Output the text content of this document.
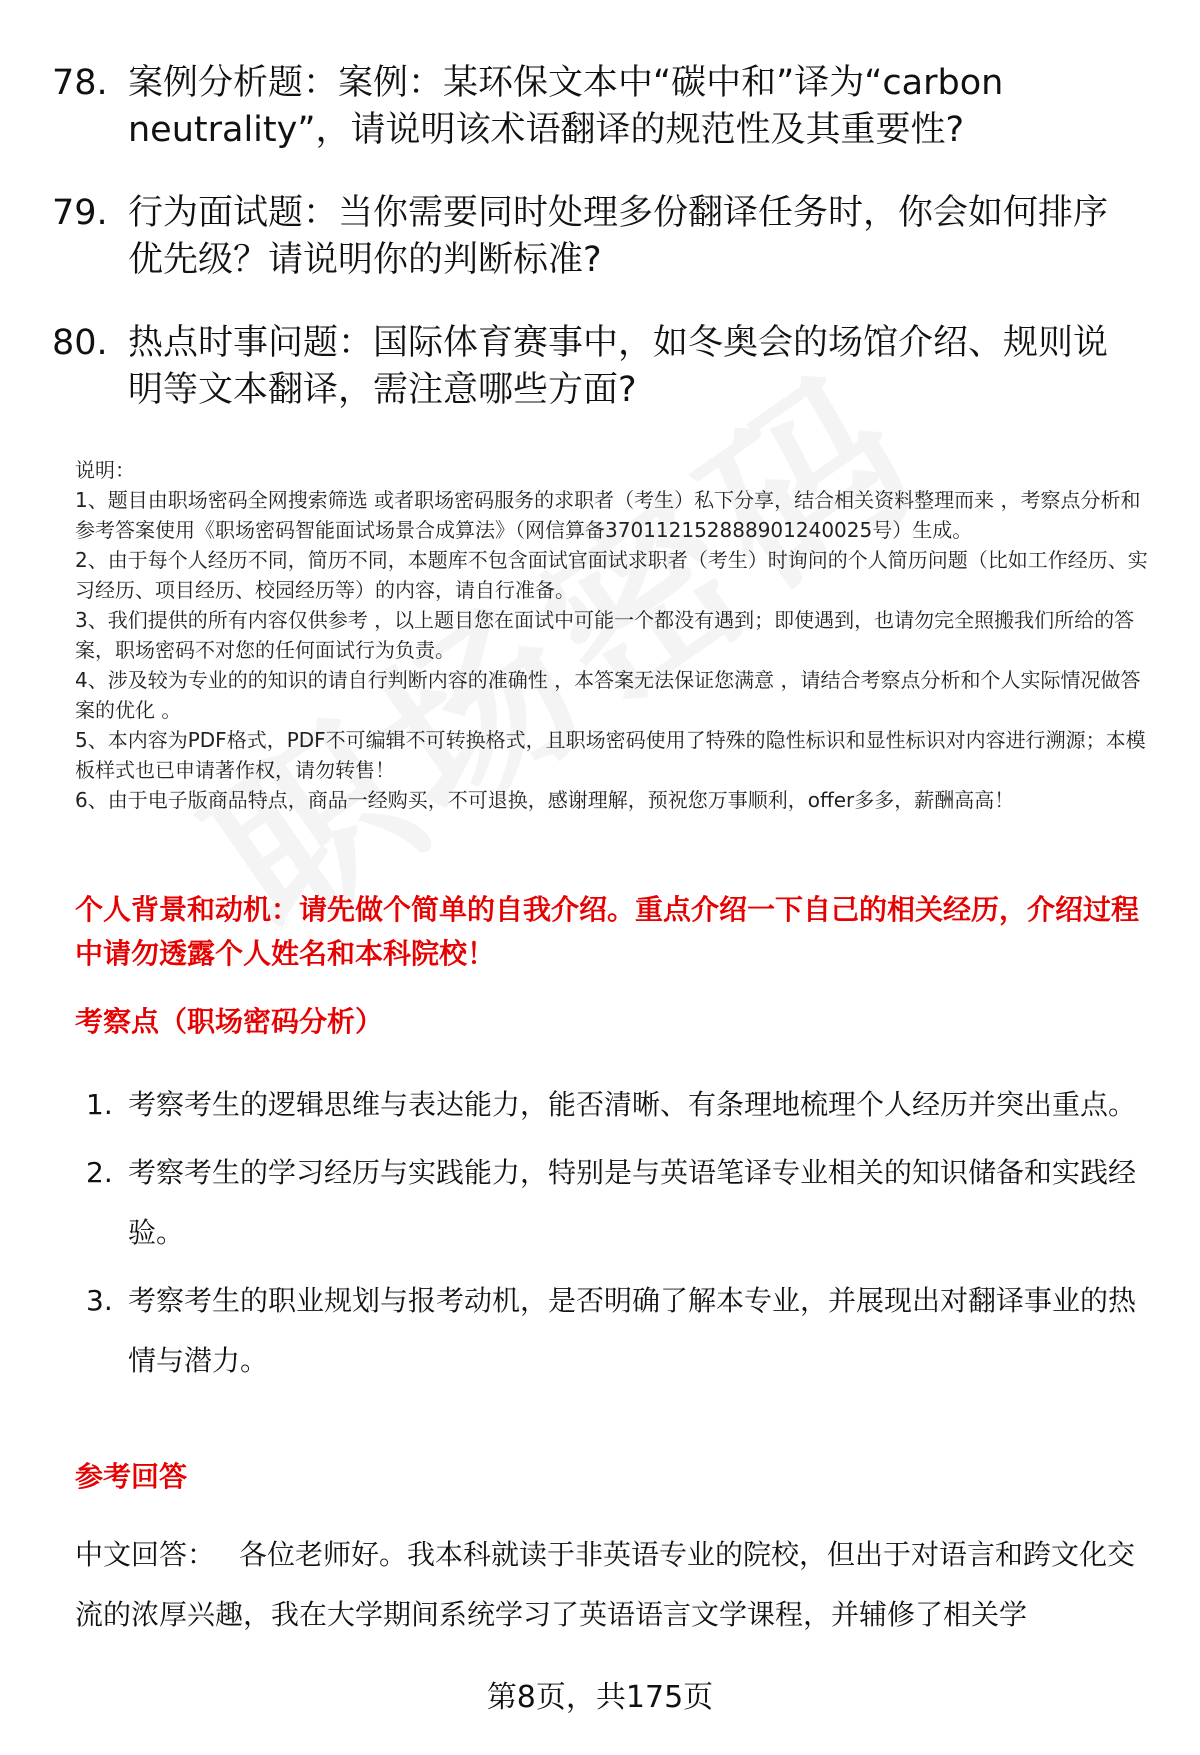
78. 案例分析题：案例：某环保文本中“碳中和”译为“carbon neutrality”，请说明该术语翻译的规范性及其重要性?
79. 行为面试题：当你需要同时处理多份翻译任务时，你会如何排序优先级？请说明你的判断标准?
80. 热点时事问题：国际体育赛事中，如冬奥会的场馆介绍、规则说明等文本翻译，需注意哪些方面?

说明：

1、题目由职场密码全网搜索筛选 或者职场密码服务的求职者（考生）私下分享，结合相关资料整理而来 ，考察点分析和参考答案使用《职场密码智能面试场景合成算法》（网信算备370112152888901240025号）生成。

2、由于每个人经历不同，简历不同，本题库不包含面试官面试求职者（考生）时询问的个人简历问题（比如工作经历、实习经历、项目经历、校园经历等）的内容，请自行准备。

3、我们提供的所有内容仅供参考 ，以上题目您在面试中可能一个都没有遇到；即使遇到，也请勿完全照搬我们所给的答案，职场密码不对您的任何面试行为负责。

4、涉及较为专业的的知识的请自行判断内容的准确性 ，本答案无法保证您满意 ，请结合考察点分析和个人实际情况做答案的优化 。

5、本内容为PDF格式，PDF不可编辑不可转换格式，且职场密码使用了特殊的隐性标识和显性标识对内容进行溯源；本模板样式也已申请著作权，请勿转售！

6、由于电子版商品特点，商品一经购买，不可退换，感谢理解，预祝您万事顺利，offer多多，薪酬高高！

个人背景和动机：请先做个简单的自我介绍。重点介绍一下自己的相关经历，介绍过程中请勿透露个人姓名和本科院校！
考察点（职场密码分析）
1. 考察考生的逻辑思维与表达能力，能否清晰、有条理地梳理个人经历并突出重点。
2. 考察考生的学习经历与实践能力，特别是与英语笔译专业相关的知识储备和实践经验。
3. 考察考生的职业规划与报考动机，是否明确了解本专业，并展现出对翻译事业的热情与潜力。
参考回答
中文回答： 各位老师好。我本科就读于非英语专业的院校，但出于对语言和跨文化交流的浓厚兴趣，我在大学期间系统学习了英语语言文学课程，并辅修了相关学
第8页，共175页
